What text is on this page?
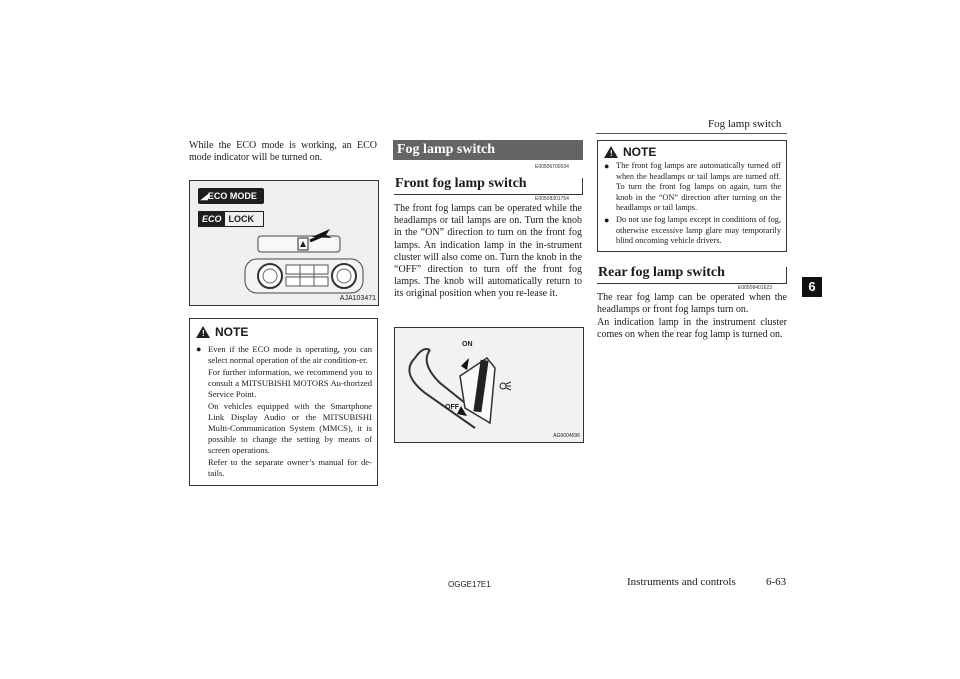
Fog lamp switch
6

While the ECO mode is working, an ECO mode indicator will be turned on.

◢ECO MODE
ECO LOCK
AJA103471
! NOTE
● Even if the ECO mode is operating, you can select normal operation of the air condition-er.
For further information, we recommend you to consult a MITSUBISHI MOTORS Au-thorized Service Point.
On vehicles equipped with the Smartphone Link Display Audio or the MITSUBISHI Multi-Communication System (MMCS), it is possible to change the setting by means of screen operations.
Refer to the separate owner’s manual for de-tails.
Fog lamp switch
E00506700034
Front fog lamp switch
E00508301754

The front fog lamps can be operated while the headlamps or tail lamps are on. Turn the knob in the “ON” direction to turn on the front fog lamps. An indication lamp in the in-strument cluster will also come on. Turn the knob in the “OFF” direction to turn off the front fog lamps. The knob will automatically return to its original position when you re-lease it.

ON
OFF
AG0004596
! NOTE
● The front fog lamps are automatically turned off when the headlamps or tail lamps are turned off. To turn the front fog lamps on again, turn the knob in the “ON” direction after turning on the headlamps or tail lamps.
● Do not use fog lamps except in conditions of fog, otherwise excessive lamp glare may temporarily blind oncoming vehicle drivers.
Rear fog lamp switch
E00508401623

The rear fog lamp can be operated when the headlamps or front fog lamps turn on.

An indication lamp in the instrument cluster comes on when the rear fog lamp is turned on.

OGGE17E1	Instruments and controls	6-63
